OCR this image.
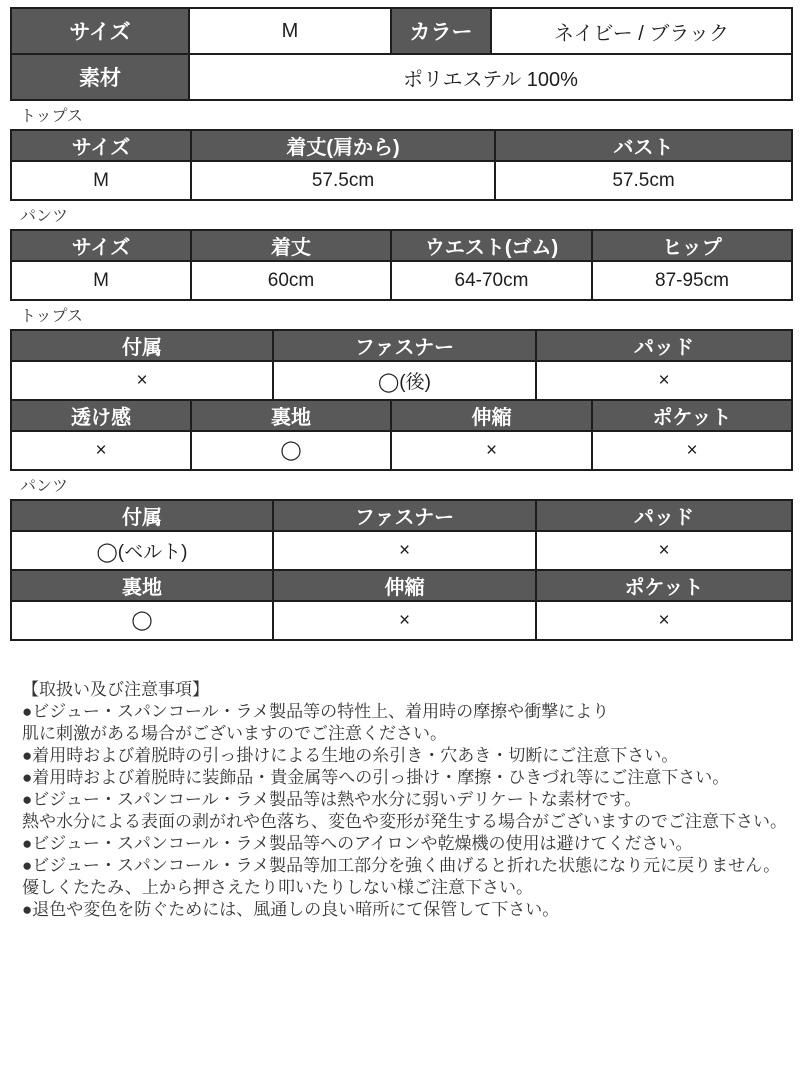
サイズ	M	カラー	ネイビー / ブラック
素材	ポリエステル 100%		
トップス
サイズ	着丈(肩から)	バスト
M	57.5cm	57.5cm
パンツ
サイズ	着丈	ウエスト(ゴム)	ヒップ
M	60cm	64-70cm	87-95cm
トップス
付属	ファスナー	パッド
×	◯(後)	×
透け感	裏地	伸縮	ポケット
×	◯	×	×
パンツ
付属	ファスナー	パッド
◯(ベルト)	×	×
裏地	伸縮	ポケット
◯	×	×
【取扱い及び注意事項】
●ビジュー・スパンコール・ラメ製品等の特性上、着用時の摩擦や衝撃により
肌に刺激がある場合がございますのでご注意ください。
●着用時および着脱時の引っ掛けによる生地の糸引き・穴あき・切断にご注意下さい。
●着用時および着脱時に装飾品・貴金属等への引っ掛け・摩擦・ひきづれ等にご注意下さい。
●ビジュー・スパンコール・ラメ製品等は熱や水分に弱いデリケートな素材です。
熱や水分による表面の剥がれや色落ち、変色や変形が発生する場合がございますのでご注意下さい。
●ビジュー・スパンコール・ラメ製品等へのアイロンや乾燥機の使用は避けてください。
●ビジュー・スパンコール・ラメ製品等加工部分を強く曲げると折れた状態になり元に戻りません。
優しくたたみ、上から押さえたり叩いたりしない様ご注意下さい。
●退色や変色を防ぐためには、風通しの良い暗所にて保管して下さい。
